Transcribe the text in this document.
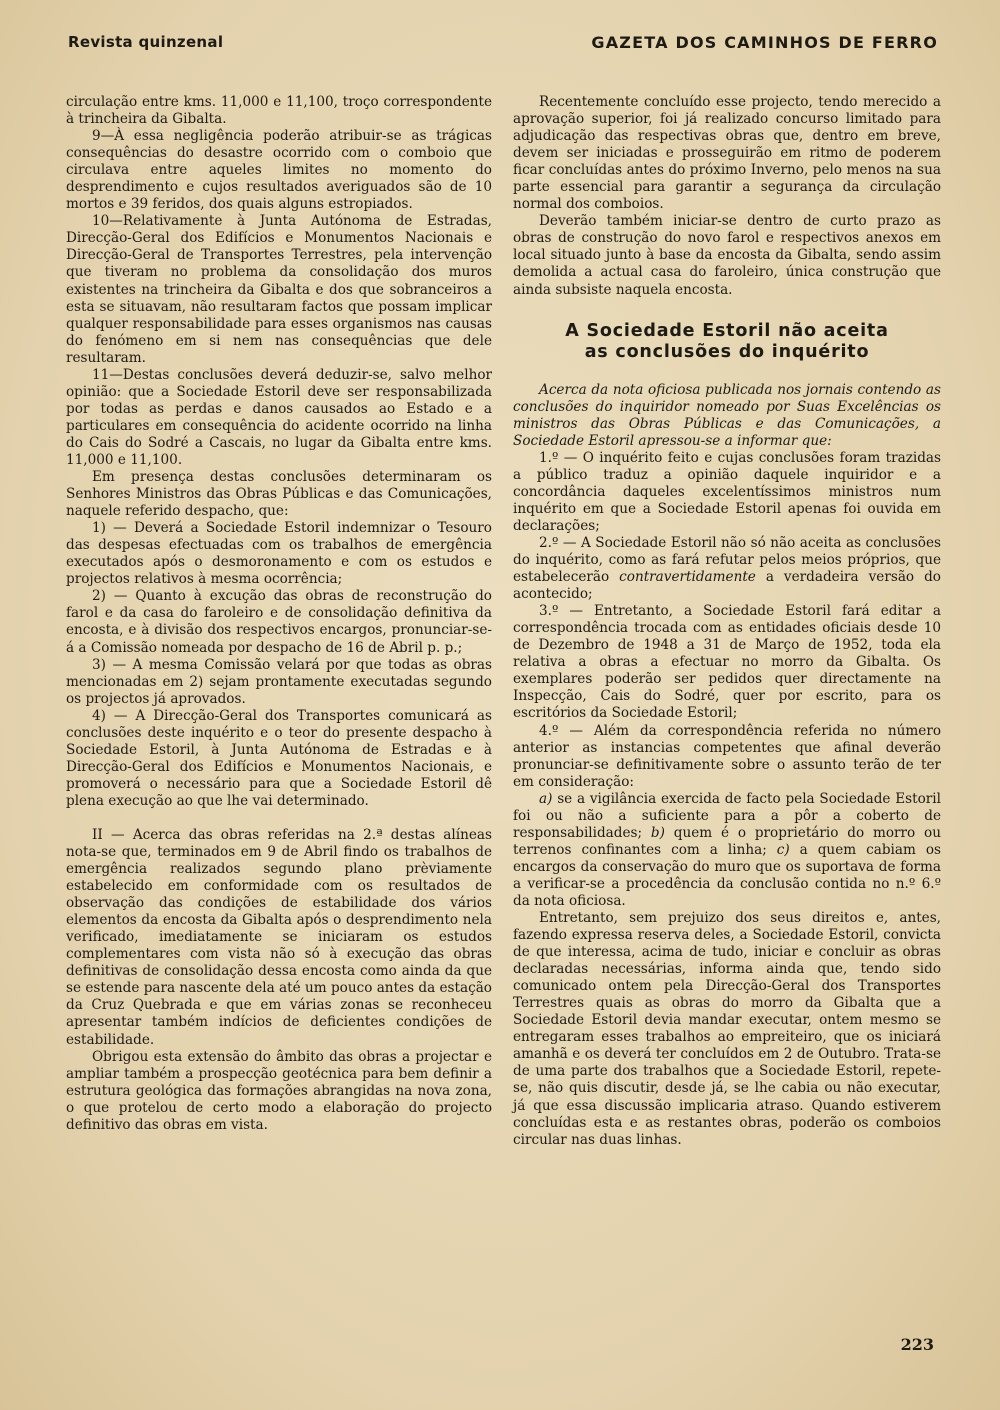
Revista quinzenal	GAZETA DOS CAMINHOS DE FERRO

circulação entre kms. 11,000 e 11,100, troço correspondente à trincheira da Gibalta.

9—À essa negligência poderão atribuir-se as trágicas consequências do desastre ocorrido com o comboio que circulava entre aqueles limites no momento do desprendimento e cujos resultados averiguados são de 10 mortos e 39 feridos, dos quais alguns estropiados.

10—Relativamente à Junta Autónoma de Estradas, Direcção-Geral dos Edifícios e Monumentos Nacionais e Direcção-Geral de Transportes Terrestres, pela intervenção que tiveram no problema da consolidação dos muros existentes na trincheira da Gibalta e dos que sobranceiros a esta se situavam, não resultaram factos que possam implicar qualquer responsabilidade para esses organismos nas causas do fenómeno em si nem nas consequências que dele resultaram.

11—Destas conclusões deverá deduzir-se, salvo melhor opinião: que a Sociedade Estoril deve ser responsabilizada por todas as perdas e danos causados ao Estado e a particulares em consequência do acidente ocorrido na linha do Cais do Sodré a Cascais, no lugar da Gibalta entre kms. 11,000 e 11,100.

Em presença destas conclusões determinaram os Senhores Ministros das Obras Públicas e das Comunicações, naquele referido despacho, que:

1) — Deverá a Sociedade Estoril indemnizar o Tesouro das despesas efectuadas com os trabalhos de emergência executados após o desmoronamento e com os estudos e projectos relativos à mesma ocorrência;

2) — Quanto à excução das obras de reconstrução do farol e da casa do faroleiro e de consolidação definitiva da encosta, e à divisão dos respectivos encargos, pronunciar-se-á a Comissão nomeada por despacho de 16 de Abril p. p.;

3) — A mesma Comissão velará por que todas as obras mencionadas em 2) sejam prontamente executadas segundo os projectos já aprovados.

4) — A Direcção-Geral dos Transportes comunicará as conclusões deste inquérito e o teor do presente despacho à Sociedade Estoril, à Junta Autónoma de Estradas e à Direcção-Geral dos Edifícios e Monumentos Nacionais, e promoverá o necessário para que a Sociedade Estoril dê plena execução ao que lhe vai determinado.

II — Acerca das obras referidas na 2.ª destas alíneas nota-se que, terminados em 9 de Abril findo os trabalhos de emergência realizados segundo plano prèviamente estabelecido em conformidade com os resultados de observação das condições de estabilidade dos vários elementos da encosta da Gibalta após o desprendimento nela verificado, imediatamente se iniciaram os estudos complementares com vista não só à execução das obras definitivas de consolidação dessa encosta como ainda da que se estende para nascente dela até um pouco antes da estação da Cruz Quebrada e que em várias zonas se reconheceu apresentar também indícios de deficientes condições de estabilidade.

Obrigou esta extensão do âmbito das obras a projectar e ampliar também a prospecção geotécnica para bem definir a estrutura geológica das formações abrangidas na nova zona, o que protelou de certo modo a elaboração do projecto definitivo das obras em vista.

Recentemente concluído esse projecto, tendo merecido a aprovação superior, foi já realizado concurso limitado para adjudicação das respectivas obras que, dentro em breve, devem ser iniciadas e prosseguirão em ritmo de poderem ficar concluídas antes do próximo Inverno, pelo menos na sua parte essencial para garantir a segurança da circulação normal dos comboios.

Deverão também iniciar-se dentro de curto prazo as obras de construção do novo farol e respectivos anexos em local situado junto à base da encosta da Gibalta, sendo assim demolida a actual casa do faroleiro, única construção que ainda subsiste naquela encosta.

A Sociedade Estoril não aceita
as conclusões do inquérito

Acerca da nota oficiosa publicada nos jornais contendo as conclusões do inquiridor nomeado por Suas Excelências os ministros das Obras Públicas e das Comunicações, a Sociedade Estoril apressou-se a informar que:

1.º — O inquérito feito e cujas conclusões foram trazidas a público traduz a opinião daquele inquiridor e a concordância daqueles excelentíssimos ministros num inquérito em que a Sociedade Estoril apenas foi ouvida em declarações;

2.º — A Sociedade Estoril não só não aceita as conclusões do inquérito, como as fará refutar pelos meios próprios, que estabelecerão contravertidamente a verdadeira versão do acontecido;

3.º — Entretanto, a Sociedade Estoril fará editar a correspondência trocada com as entidades oficiais desde 10 de Dezembro de 1948 a 31 de Março de 1952, toda ela relativa a obras a efectuar no morro da Gibalta. Os exemplares poderão ser pedidos quer directamente na Inspecção, Cais do Sodré, quer por escrito, para os escritórios da Sociedade Estoril;

4.º — Além da correspondência referida no número anterior as instancias competentes que afinal deverão pronunciar-se definitivamente sobre o assunto terão de ter em consideração:

a) se a vigilância exercida de facto pela Sociedade Estoril foi ou não a suficiente para a pôr a coberto de responsabilidades; b) quem é o proprietário do morro ou terrenos confinantes com a linha; c) a quem cabiam os encargos da conservação do muro que os suportava de forma a verificar-se a procedência da conclusão contida no n.º 6.º da nota oficiosa.

Entretanto, sem prejuizo dos seus direitos e, antes, fazendo expressa reserva deles, a Sociedade Estoril, convicta de que interessa, acima de tudo, iniciar e concluir as obras declaradas necessárias, informa ainda que, tendo sido comunicado ontem pela Direcção-Geral dos Transportes Terrestres quais as obras do morro da Gibalta que a Sociedade Estoril devia mandar executar, ontem mesmo se entregaram esses trabalhos ao empreiteiro, que os iniciará amanhã e os deverá ter concluídos em 2 de Outubro. Trata-se de uma parte dos trabalhos que a Sociedade Estoril, repete-se, não quis discutir, desde já, se lhe cabia ou não executar, já que essa discussão implicaria atraso. Quando estiverem concluídas esta e as restantes obras, poderão os comboios circular nas duas linhas.

223
